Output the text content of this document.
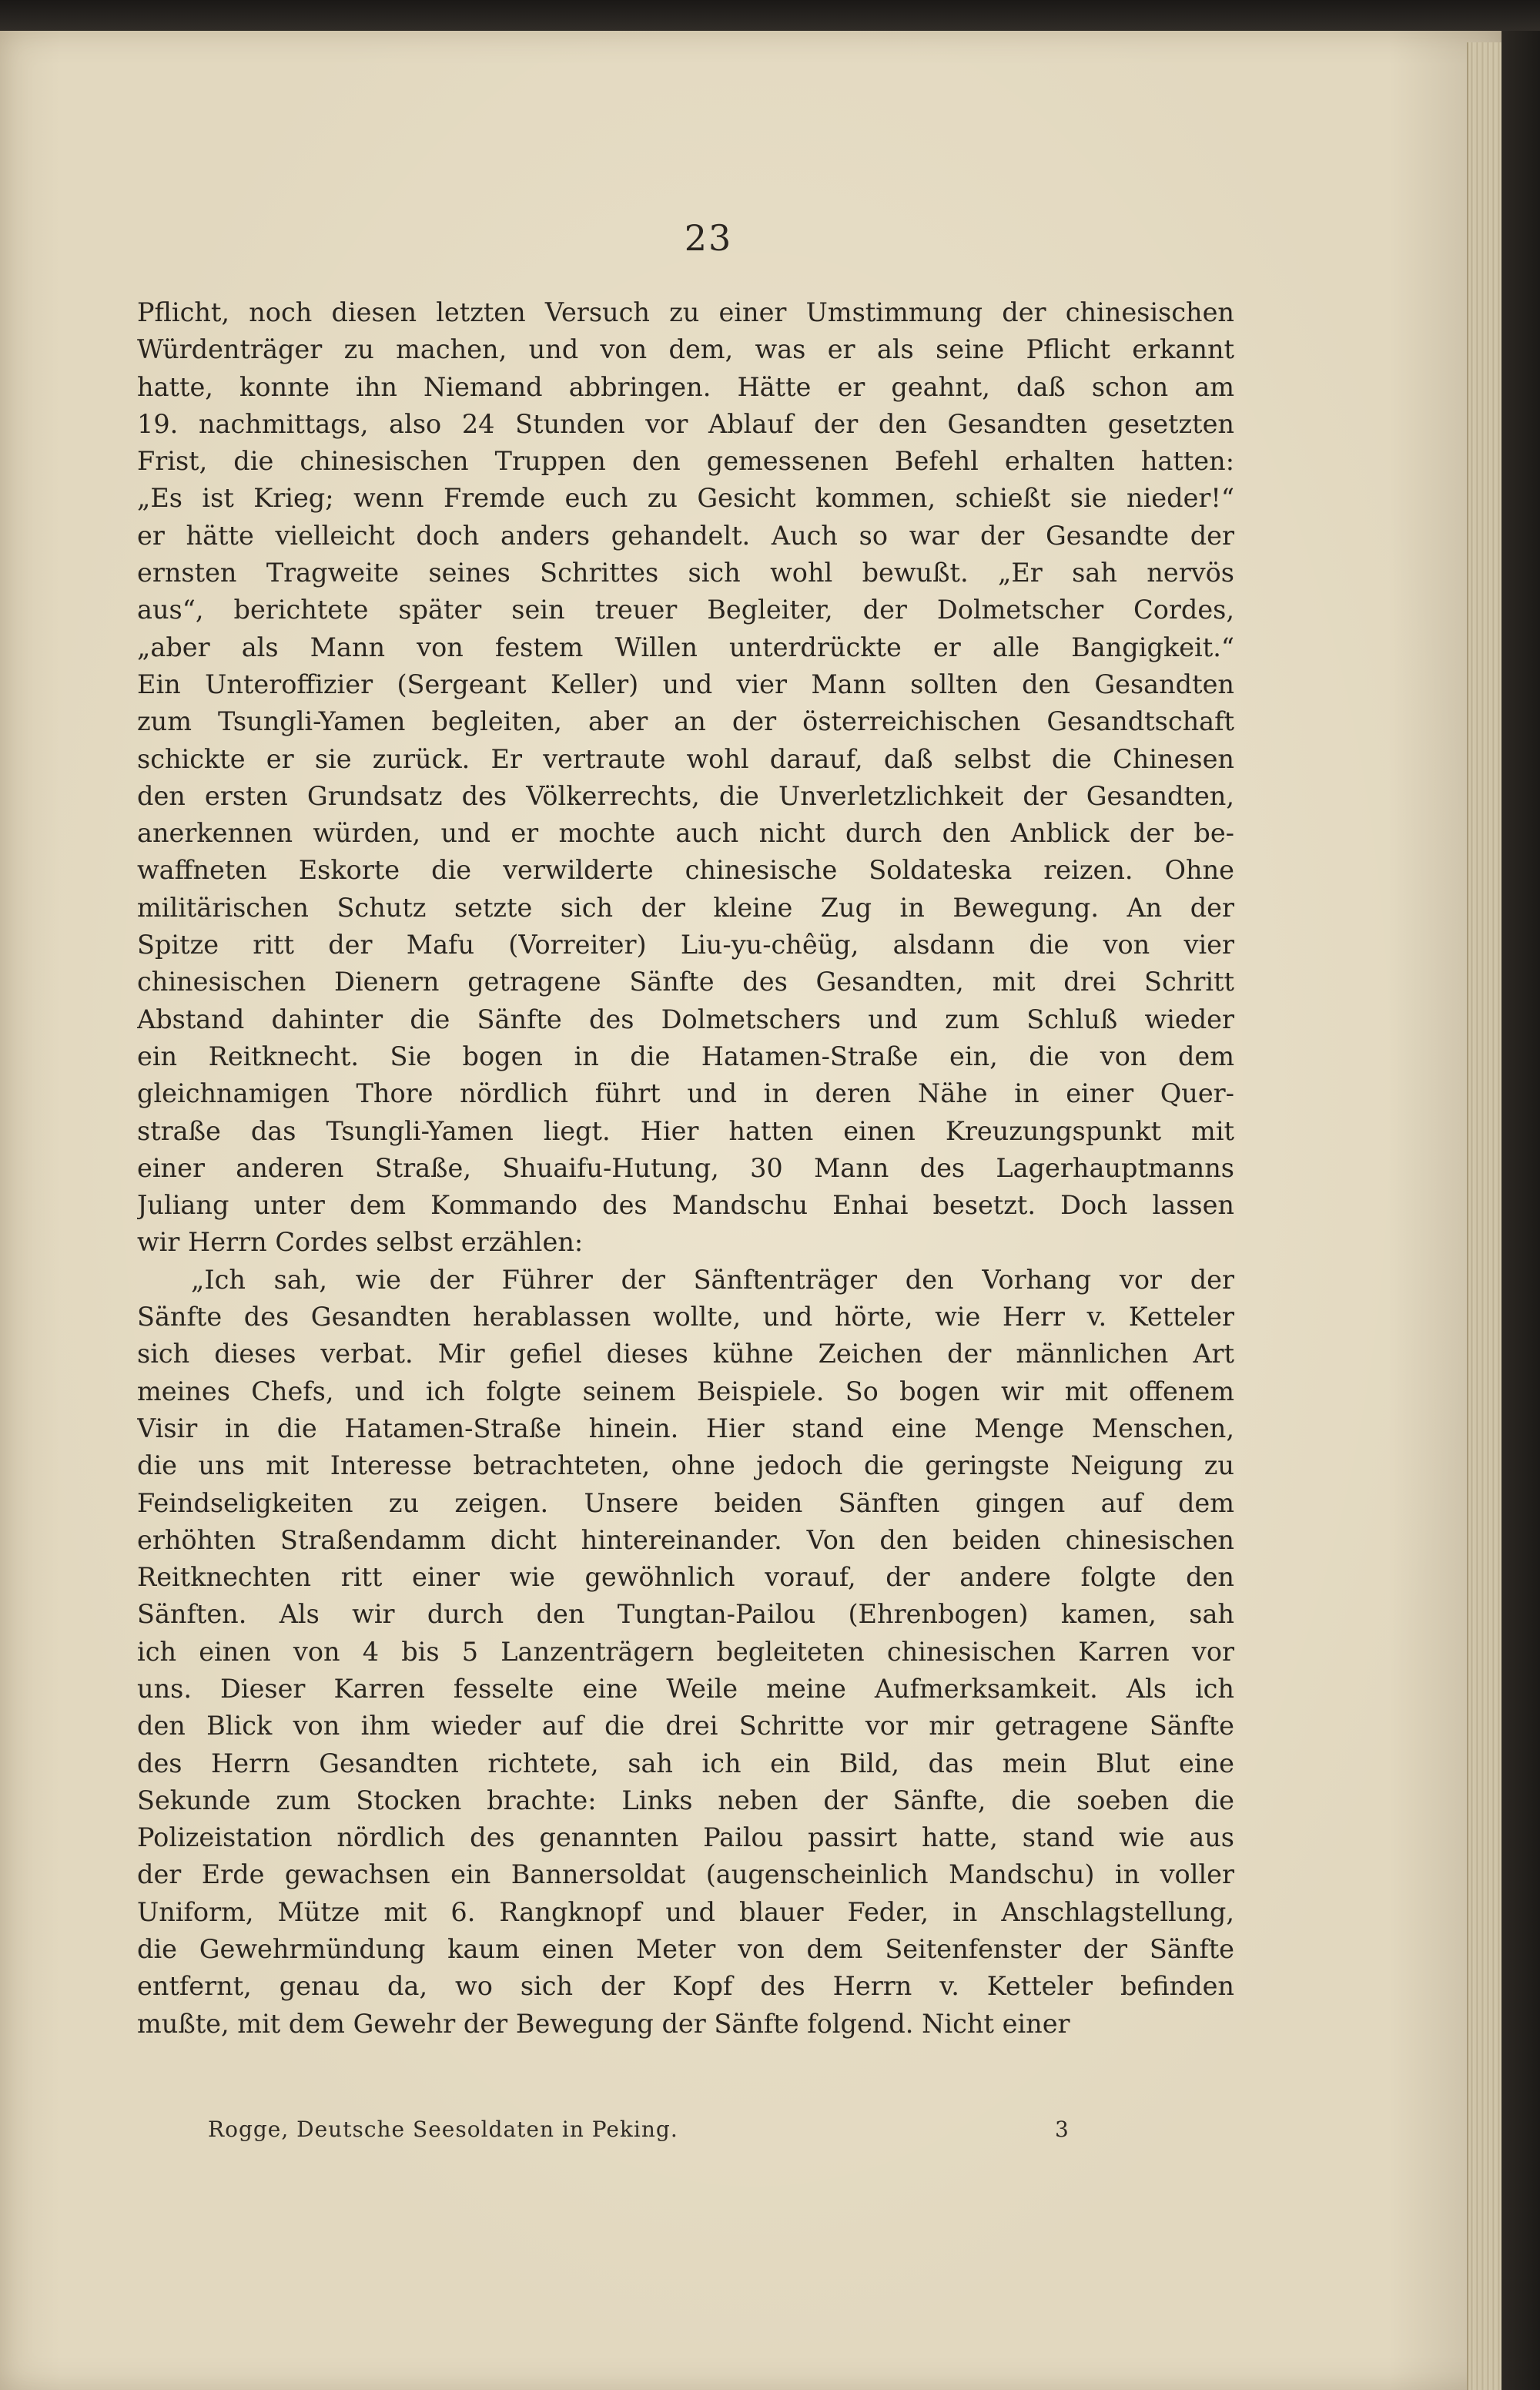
23
Pflicht, noch diesen letzten Versuch zu einer Umstimmung der chinesischen
Würdenträger zu machen, und von dem, was er als seine Pflicht erkannt
hatte, konnte ihn Niemand abbringen. Hätte er geahnt, daß schon am
19. nachmittags, also 24 Stunden vor Ablauf der den Gesandten gesetzten
Frist, die chinesischen Truppen den gemessenen Befehl erhalten hatten:
„Es ist Krieg; wenn Fremde euch zu Gesicht kommen, schießt sie nieder!“
er hätte vielleicht doch anders gehandelt. Auch so war der Gesandte der
ernsten Tragweite seines Schrittes sich wohl bewußt. „Er sah nervös
aus“, berichtete später sein treuer Begleiter, der Dolmetscher Cordes,
„aber als Mann von festem Willen unterdrückte er alle Bangigkeit.“
Ein Unteroffizier (Sergeant Keller) und vier Mann sollten den Gesandten
zum Tsungli-Yamen begleiten, aber an der österreichischen Gesandtschaft
schickte er sie zurück. Er vertraute wohl darauf, daß selbst die Chinesen
den ersten Grundsatz des Völkerrechts, die Unverletzlichkeit der Gesandten,
anerkennen würden, und er mochte auch nicht durch den Anblick der be-
waffneten Eskorte die verwilderte chinesische Soldateska reizen. Ohne
militärischen Schutz setzte sich der kleine Zug in Bewegung. An der
Spitze ritt der Mafu (Vorreiter) Liu-yu-chêüg, alsdann die von vier
chinesischen Dienern getragene Sänfte des Gesandten, mit drei Schritt
Abstand dahinter die Sänfte des Dolmetschers und zum Schluß wieder
ein Reitknecht. Sie bogen in die Hatamen-Straße ein, die von dem
gleichnamigen Thore nördlich führt und in deren Nähe in einer Quer-
straße das Tsungli-Yamen liegt. Hier hatten einen Kreuzungspunkt mit
einer anderen Straße, Shuaifu-Hutung, 30 Mann des Lagerhauptmanns
Juliang unter dem Kommando des Mandschu Enhai besetzt. Doch lassen
wir Herrn Cordes selbst erzählen:
„Ich sah, wie der Führer der Sänftenträger den Vorhang vor der
Sänfte des Gesandten herablassen wollte, und hörte, wie Herr v. Ketteler
sich dieses verbat. Mir gefiel dieses kühne Zeichen der männlichen Art
meines Chefs, und ich folgte seinem Beispiele. So bogen wir mit offenem
Visir in die Hatamen-Straße hinein. Hier stand eine Menge Menschen,
die uns mit Interesse betrachteten, ohne jedoch die geringste Neigung zu
Feindseligkeiten zu zeigen. Unsere beiden Sänften gingen auf dem
erhöhten Straßendamm dicht hintereinander. Von den beiden chinesischen
Reitknechten ritt einer wie gewöhnlich vorauf, der andere folgte den
Sänften. Als wir durch den Tungtan-Pailou (Ehrenbogen) kamen, sah
ich einen von 4 bis 5 Lanzenträgern begleiteten chinesischen Karren vor
uns. Dieser Karren fesselte eine Weile meine Aufmerksamkeit. Als ich
den Blick von ihm wieder auf die drei Schritte vor mir getragene Sänfte
des Herrn Gesandten richtete, sah ich ein Bild, das mein Blut eine
Sekunde zum Stocken brachte: Links neben der Sänfte, die soeben die
Polizeistation nördlich des genannten Pailou passirt hatte, stand wie aus
der Erde gewachsen ein Bannersoldat (augenscheinlich Mandschu) in voller
Uniform, Mütze mit 6. Rangknopf und blauer Feder, in Anschlagstellung,
die Gewehrmündung kaum einen Meter von dem Seitenfenster der Sänfte
entfernt, genau da, wo sich der Kopf des Herrn v. Ketteler befinden
mußte, mit dem Gewehr der Bewegung der Sänfte folgend. Nicht einer
Rogge, Deutsche Seesoldaten in Peking.	3
